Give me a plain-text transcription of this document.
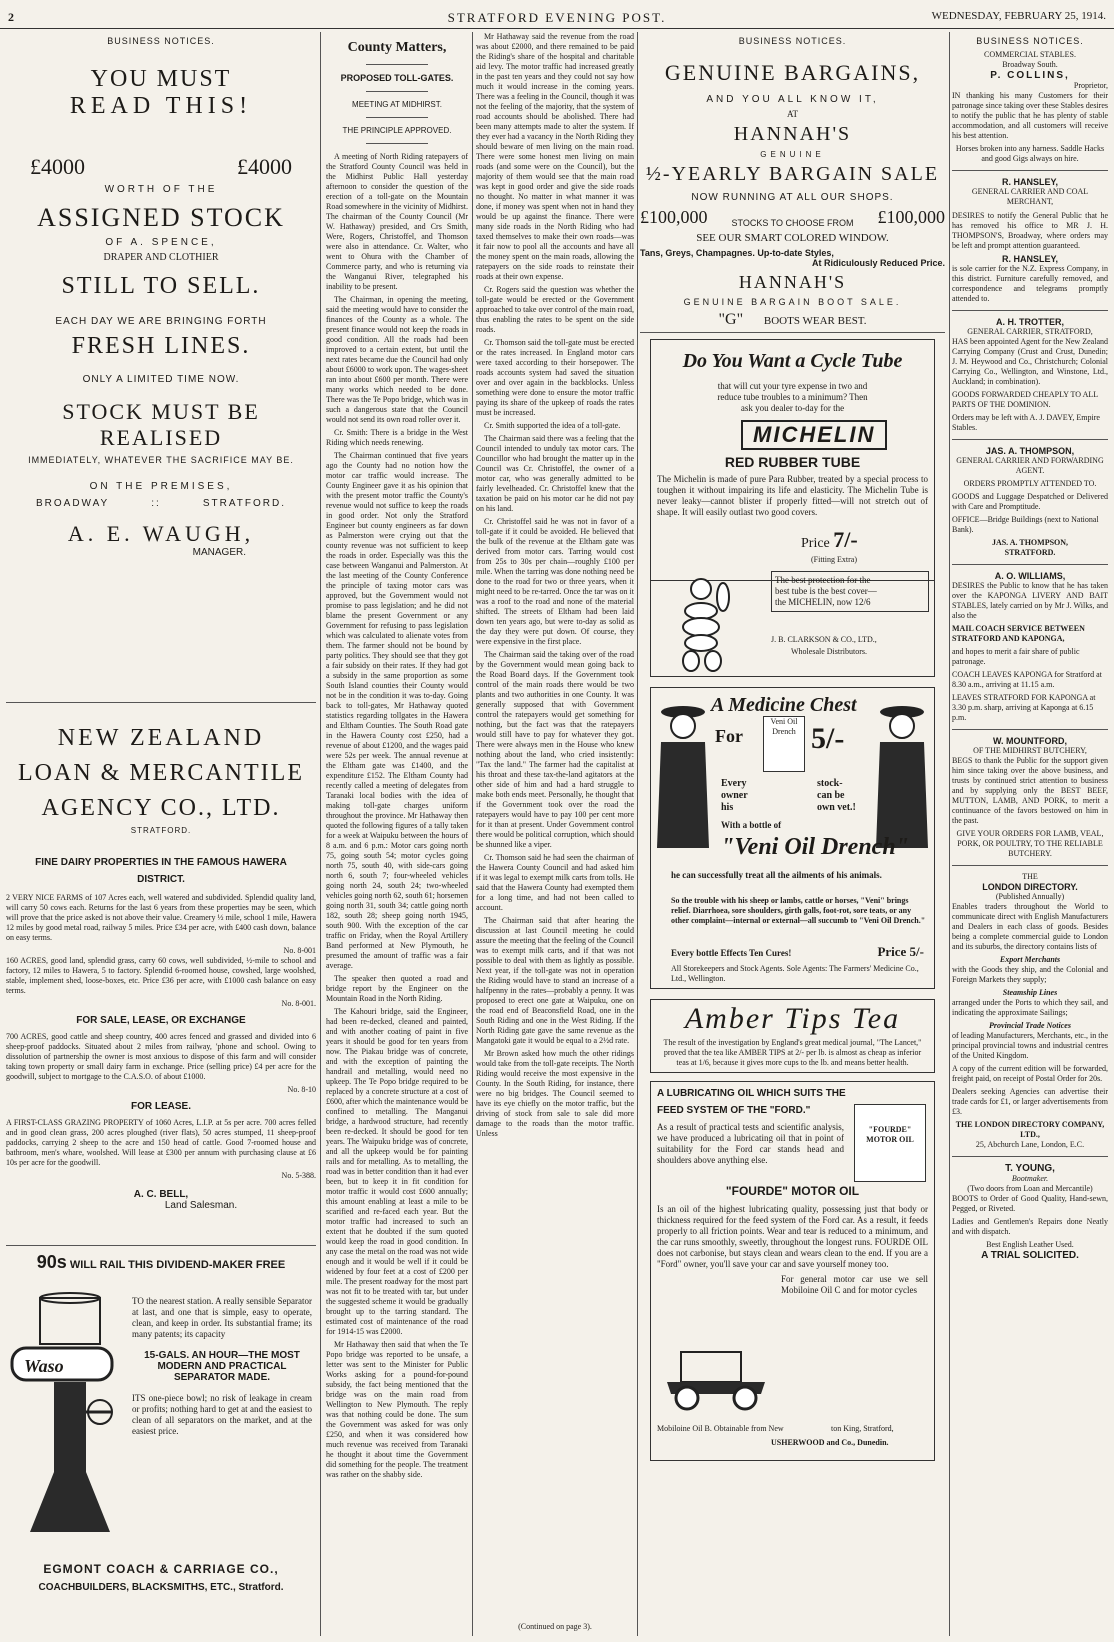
2	STRATFORD EVENING POST.	WEDNESDAY, FEBRUARY 25, 1914.
BUSINESS NOTICES.
YOU MUST
READ THIS!
£4000	£4000
WORTH OF THE
ASSIGNED STOCK
OF A. SPENCE,
DRAPER AND CLOTHIER
STILL TO SELL.
EACH DAY WE ARE BRINGING FORTH
FRESH LINES.
ONLY A LIMITED TIME NOW.
STOCK MUST BE
REALISED
IMMEDIATELY, WHATEVER THE SACRIFICE MAY BE.
ON THE PREMISES,
BROADWAY	::	STRATFORD.
A. E. WAUGH,
MANAGER.
NEW ZEALAND
LOAN & MERCANTILE
AGENCY CO., LTD.
STRATFORD.
FINE DAIRY PROPERTIES IN THE FAMOUS HAWERA
DISTRICT.

2 VERY NICE FARMS of 107 Acres each, well watered and subdivided. Splendid quality land, will carry 50 cows each. Returns for the last 6 years from these properties may be seen, which will prove that the price asked is not above their value. Creamery ½ mile, school 1 mile, Hawera 12 miles by good metal road, railway 5 miles. Price £34 per acre, with £400 cash down, balance on easy terms.

No. 8-001

160 ACRES, good land, splendid grass, carry 60 cows, well subdivided, ½-mile to school and factory, 12 miles to Hawera, 5 to factory. Splendid 6-roomed house, cowshed, large woolshed, stable, implement shed, loose-boxes, etc. Price £36 per acre, with £1000 cash balance on easy terms.

No. 8-001.
FOR SALE, LEASE, OR EXCHANGE

700 ACRES, good cattle and sheep country, 400 acres fenced and grassed and divided into 6 sheep-proof paddocks. Situated about 2 miles from railway, 'phone and school. Owing to dissolution of partnership the owner is most anxious to dispose of this farm and will consider taking town property or small dairy farm in exchange. Price (selling price) £4 per acre for the goodwill, subject to mortgage to the C.A.S.O. of about £1000.

No. 8-10
FOR LEASE.

A FIRST-CLASS GRAZING PROPERTY of 1060 Acres, L.I.P. at 5s per acre. 700 acres felled and in good clean grass, 200 acres ploughed (river flats), 50 acres stumped, 11 sheep-proof paddocks, carrying 2 sheep to the acre and 150 head of cattle. Good 7-roomed house and bathroom, men's whare, woolshed. Will lease at £300 per annum with purchasing clause at £6 10s per acre for the goodwill.

No. 5-388.
A. C. BELL,
Land Salesman.
90s WILL RAIL THIS DIVIDEND-MAKER FREE
Waso

TO the nearest station. A really sensible Separator at last, and one that is simple, easy to operate, clean, and keep in order. Its substantial frame; its many patents; its capacity

15-GALS. AN HOUR—THE MOST MODERN AND PRACTICAL SEPARATOR MADE.

ITS one-piece bowl; no risk of leakage in cream or profits; nothing hard to get at and the easiest to clean of all separators on the market, and at the easiest price.

EGMONT COACH & CARRIAGE CO.,
COACHBUILDERS, BLACKSMITHS, ETC., Stratford.
County Matters,
PROPOSED TOLL-GATES.
MEETING AT MIDHIRST.
THE PRINCIPLE APPROVED.

A meeting of North Riding ratepayers of the Stratford County Council was held in the Midhirst Public Hall yesterday afternoon to consider the question of the erection of a toll-gate on the Mountain Road somewhere in the vicinity of Midhirst. The chairman of the County Council (Mr W. Hathaway) presided, and Crs Smith, Were, Rogers, Christoffel, and Thomson were also in attendance. Cr. Walter, who went to Ohura with the Chamber of Commerce party, and who is returning via the Wanganui River, telegraphed his inability to be present.

The Chairman, in opening the meeting, said the meeting would have to consider the finances of the County as a whole. The present finance would not keep the roads in good condition. All the roads had been improved to a certain extent, but until the next rates became due the Council had only about £6000 to work upon. The wages-sheet ran into about £600 per month. There were many works which needed to be done. There was the Te Popo bridge, which was in such a dangerous state that the Council would not send its own road roller over it.

Cr. Smith: There is a bridge in the West Riding which needs renewing.

The Chairman continued that five years ago the County had no notion how the motor car traffic would increase. The County Engineer gave it as his opinion that with the present motor traffic the County's revenue would not suffice to keep the roads in good order. Not only the Stratford Engineer but county engineers as far down as Palmerston were crying out that the county revenue was not sufficient to keep the roads in order. Especially was this the case between Wanganui and Palmerston. At the last meeting of the County Conference the principle of taxing motor cars was approved, but the Government would not promise to pass legislation; and he did not blame the present Government or any Government for refusing to pass legislation which was calculated to alienate votes from them. The farmer should not be bound by party politics. They should see that they got a fair subsidy on their rates. If they had got a subsidy in the same proportion as some South Island counties their County would not be in the condition it was to-day. Going back to toll-gates, Mr Hathaway quoted statistics regarding tollgates in the Hawera and Eltham Counties. The South Road gate in the Hawera County cost £250, had a revenue of about £1200, and the wages paid were 52s per week. The annual revenue at the Eltham gate was £1400, and the expenditure £152. The Eltham County had recently called a meeting of delegates from Taranaki local bodies with the idea of making toll-gate charges uniform throughout the province. Mr Hathaway then quoted the following figures of a tally taken for a week at Waipuku between the hours of 8 a.m. and 6 p.m.: Motor cars going north 75, going south 54; motor cycles going north 75, south 40, with side-cars going north 6, south 7; four-wheeled vehicles going north 24, south 24; two-wheeled vehicles going north 62, south 61; horsemen going north 31, south 34; cattle going north 182, south 28; sheep going north 1945, south 900. With the exception of the car traffic on Friday, when the Royal Artillery Band performed at New Plymouth, he presumed the amount of traffic was a fair average.

The speaker then quoted a road and bridge report by the Engineer on the Mountain Road in the North Riding.

The Kahouri bridge, said the Engineer, had been re-decked, cleaned and painted, and with another coating of paint in five years it should be good for ten years from now. The Piakau bridge was of concrete, and with the exception of painting the handrail and metalling, would need no upkeep. The Te Popo bridge required to be replaced by a concrete structure at a cost of £600, after which the maintenance would be confined to metalling. The Manganui bridge, a hardwood structure, had recently been re-decked. It should be good for ten years. The Waipuku bridge was of concrete, and all the upkeep would be for painting rails and for metalling. As to metalling, the road was in better condition than it had ever been, but to keep it in fit condition for motor traffic it would cost £600 annually; this amount enabling at least a mile to be scarified and re-faced each year. But the motor traffic had increased to such an extent that he doubted if the sum quoted would keep the road in good condition. In any case the metal on the road was not wide enough and it would be well if it could be widened by four feet at a cost of £200 per mile. The present roadway for the most part was not fit to be treated with tar, but under the suggested scheme it would be gradually brought up to the tarring standard. The estimated cost of maintenance of the road for 1914-15 was £2000.

Mr Hathaway then said that when the Te Popo bridge was reported to be unsafe, a letter was sent to the Minister for Public Works asking for a pound-for-pound subsidy, the fact being mentioned that the bridge was on the main road from Wellington to New Plymouth. The reply was that nothing could be done. The sum the Government was asked for was only £250, and when it was considered how much revenue was received from Taranaki he thought it about time the Government did something for the people. The treatment was rather on the shabby side.

Mr Hathaway said the revenue from the road was about £2000, and there remained to be paid the Riding's share of the hospital and charitable aid levy. The motor traffic had increased greatly in the past ten years and they could not say how much it would increase in the coming years. There was a feeling in the Council, though it was not the feeling of the majority, that the system of road accounts should be abolished. There had been many attempts made to alter the system. If they ever had a vacancy in the North Riding they should beware of men living on the main road. There were some honest men living on main roads (and some were on the Council), but the majority of them would see that the main road was kept in good order and give the side roads no thought. No matter in what manner it was done, if money was spent when not in hand they would be up against the finance. There were many side roads in the North Riding who had taxed themselves to make their own roads—was it fair now to pool all the accounts and have all the money spent on the main roads, allowing the ratepayers on the side roads to reinstate their roads at their own expense.

Cr. Rogers said the question was whether the toll-gate would be erected or the Government approached to take over control of the main road, thus enabling the rates to be spent on the side roads.

Cr. Thomson said the toll-gate must be erected or the rates increased. In England motor cars were taxed according to their horsepower. The roads accounts system had saved the situation over and over again in the backblocks. Unless something were done to ensure the motor traffic paying its share of the upkeep of roads the rates must be increased.

Cr. Smith supported the idea of a toll-gate.

The Chairman said there was a feeling that the Council intended to unduly tax motor cars. The Councillor who had brought the matter up in the Council was Cr. Christoffel, the owner of a motor car, who was generally admitted to be fairly levelheaded. Cr. Christoffel knew that the taxation be paid on his motor car he did not pay on his land.

Cr. Christoffel said he was not in favor of a toll-gate if it could be avoided. He believed that the bulk of the revenue at the Eltham gate was derived from motor cars. Tarring would cost from 25s to 30s per chain—roughly £100 per mile. When the tarring was done nothing need be done to the road for two or three years, when it might need to be re-tarred. Once the tar was on it was a roof to the road and none of the material shifted. The streets of Eltham had been laid down ten years ago, but were to-day as solid as the day they were put down. Of course, they were expensive in the first place.

The Chairman said the taking over of the road by the Government would mean going back to the Road Board days. If the Government took control of the main roads there would be two plants and two authorities in one County. It was generally supposed that with Government control the ratepayers would get something for nothing, but the fact was that the ratepayers would still have to pay for whatever they got. There were always men in the House who knew nothing about the land, who cried insistently: "Tax the land." The farmer had the capitalist at his throat and these tax-the-land agitators at the other side of him and had a hard struggle to make both ends meet. Personally, he thought that if the Government took over the road the ratepayers would have to pay 100 per cent more for it than at present. Under Government control there would be political corruption, which should be shunned like a viper.

Cr. Thomson said he had seen the chairman of the Hawera County Council and had asked him if it was legal to exempt milk carts from tolls. He said that the Hawera County had exempted them for a long time, and had not been called to account.

The Chairman said that after hearing the discussion at last Council meeting he could assure the meeting that the feeling of the Council was to exempt milk carts, and if that was not possible to deal with them as lightly as possible. Next year, if the toll-gate was not in operation the Riding would have to stand an increase of a halfpenny in the rates—probably a penny. It was proposed to erect one gate at Waipuku, one on the road end of Beaconsfield Road, one in the South Riding and one in the West Riding. If the North Riding gate gave the same revenue as the Mangatoki gate it would be equal to a 2½d rate.

Mr Brown asked how much the other ridings would take from the toll-gate receipts. The North Riding would receive the most expensive in the County. In the South Riding, for instance, there were no big bridges. The Council seemed to have its eye chiefly on the motor traffic, but the driving of stock from sale to sale did more damage to the roads than the motor traffic. Unless

(Continued on page 3).
BUSINESS NOTICES.
GENUINE BARGAINS,
AND YOU ALL KNOW IT,
AT
HANNAH'S
GENUINE
½-YEARLY BARGAIN SALE
NOW RUNNING AT ALL OUR SHOPS.
£100,000	STOCKS TO CHOOSE FROM £100,000
SEE OUR SMART COLORED WINDOW.
Tans, Greys, Champagnes. Up-to-date Styles,
At Ridiculously Reduced Price.
HANNAH'S
GENUINE BARGAIN BOOT SALE.
"G" BOOTS WEAR BEST.
Do You Want a Cycle Tube
that will cut your tyre expense in two and
reduce tube troubles to a minimum? Then
ask you dealer to-day for the
MICHELIN
RED RUBBER TUBE

The Michelin is made of pure Para Rubber, treated by a special process to toughen it without impairing its life and elasticity. The Michelin Tube is never leaky—cannot blister if properly fitted—will not stretch out of shape. It will easily outlast two good covers.

Price 7/-
(Fitting Extra)
The best protection for the
best tube is the best cover—
the MICHELIN, now 12/6
J. B. CLARKSON & CO., LTD.,
Wholesale Distributors.
A Medicine Chest
For 5/-
Veni Oil Drench
Every
owner
his
stock-
can be
own vet.!
With a bottle of
"Veni Oil Drench"
he can successfully treat all the ailments of his animals.
So the trouble with his sheep or lambs, cattle or horses, "Veni" brings relief. Diarrhoea, sore shoulders, girth galls, foot-rot, sore teats, or any other complaint—internal or external—all succumb to "Veni Oil Drench."
Every bottle Effects Ten Cures!	Price 5/-
All Storekeepers and Stock Agents. Sole Agents: The Farmers' Medicine Co., Ltd., Wellington.
Amber Tips Tea
The result of the investigation by England's great medical journal, "The Lancet," proved that the tea like AMBER TIPS at 2/- per lb. is almost as cheap as inferior teas at 1/6, because it gives more cups to the lb. and means better health.
A LUBRICATING OIL WHICH SUITS THE
FEED SYSTEM OF THE "FORD."

As a result of practical tests and scientific analysis, we have produced a lubricating oil that in point of suitability for the Ford car stands head and shoulders above anything else.

"FOURDE"
MOTOR OIL
"FOURDE" MOTOR OIL

Is an oil of the highest lubricating quality, possessing just that body or thickness required for the feed system of the Ford car. As a result, it feeds properly to all friction points. Wear and tear is reduced to a minimum, and the car runs smoothly, sweetly, throughout the longest runs. FOURDE OIL does not carbonise, but stays clean and wears clean to the end. If you are a "Ford" owner, you'll save your car and save yourself money too.

For general motor car use we sell Mobiloine Oil C and for motor cycles

Mobiloine Oil B. Obtainable from New	ton King, Stratford,
USHERWOOD and Co., Dunedin.
BUSINESS NOTICES.
COMMERCIAL STABLES.
Broadway South.
P. COLLINS,
Proprietor,

IN thanking his many Customers for their patronage since taking over these Stables desires to notify the public that he has plenty of stable accommodation, and all customers will receive his best attention.

Horses broken into any harness. Saddle Hacks and good Gigs always on hire.

R. HANSLEY,
GENERAL CARRIER AND COAL MERCHANT,

DESIRES to notify the General Public that he has removed his office to MR J. H. THOMPSON'S, Broadway, where orders may be left and prompt attention guaranteed.

R. HANSLEY,

is sole carrier for the N.Z. Express Company, in this district. Furniture carefully removed, and correspondence and telegrams promptly attended to.

A. H. TROTTER,
GENERAL CARRIER, STRATFORD,

HAS been appointed Agent for the New Zealand Carrying Company (Crust and Crust, Dunedin; J. M. Heywood and Co., Christchurch; Colonial Carrying Co., Wellington, and Winstone, Ltd., Auckland; in combination).

GOODS FORWARDED CHEAPLY TO ALL PARTS OF THE DOMINION.

Orders may be left with A. J. DAVEY, Empire Stables.

JAS. A. THOMPSON,
GENERAL CARRIER AND FORWARDING AGENT.
ORDERS PROMPTLY ATTENDED TO.

GOODS and Luggage Despatched or Delivered with Care and Promptitude.

OFFICE—Bridge Buildings (next to National Bank).

JAS. A. THOMPSON,
STRATFORD.
A. O. WILLIAMS,

DESIRES the Public to know that he has taken over the KAPONGA LIVERY AND BAIT STABLES, lately carried on by Mr J. Wilks, and also the

MAIL COACH SERVICE BETWEEN STRATFORD AND KAPONGA,

and hopes to merit a fair share of public patronage.

COACH LEAVES KAPONGA for Stratford at 8.30 a.m., arriving at 11.15 a.m.

LEAVES STRATFORD FOR KAPONGA at 3.30 p.m. sharp, arriving at Kaponga at 6.15 p.m.

W. MOUNTFORD,
OF THE MIDHIRST BUTCHERY,

BEGS to thank the Public for the support given him since taking over the above business, and trusts by continued strict attention to business and by supplying only the BEST BEEF, MUTTON, LAMB, AND PORK, to merit a continuance of the favors bestowed on him in the past.

GIVE YOUR ORDERS FOR LAMB, VEAL, PORK, OR POULTRY, TO THE RELIABLE BUTCHERY.

THE
LONDON DIRECTORY.
(Published Annually)

Enables traders throughout the World to communicate direct with English Manufacturers and Dealers in each class of goods. Besides being a complete commercial guide to London and its suburbs, the directory contains lists of

Export Merchants

with the Goods they ship, and the Colonial and Foreign Markets they supply;

Steamship Lines

arranged under the Ports to which they sail, and indicating the approximate Sailings;

Provincial Trade Notices

of leading Manufacturers, Merchants, etc., in the principal provincial towns and industrial centres of the United Kingdom.

A copy of the current edition will be forwarded, freight paid, on receipt of Postal Order for 20s.

Dealers seeking Agencies can advertise their trade cards for £1, or larger advertisements from £3.

THE LONDON DIRECTORY COMPANY, LTD.,
25, Abchurch Lane, London, E.C.
T. YOUNG,
Bootmaker.
(Two doors from Loan and Mercantile)

BOOTS to Order of Good Quality, Hand-sewn, Pegged, or Riveted.

Ladies and Gentlemen's Repairs done Neatly and with dispatch.

Best English Leather Used.
A TRIAL SOLICITED.
